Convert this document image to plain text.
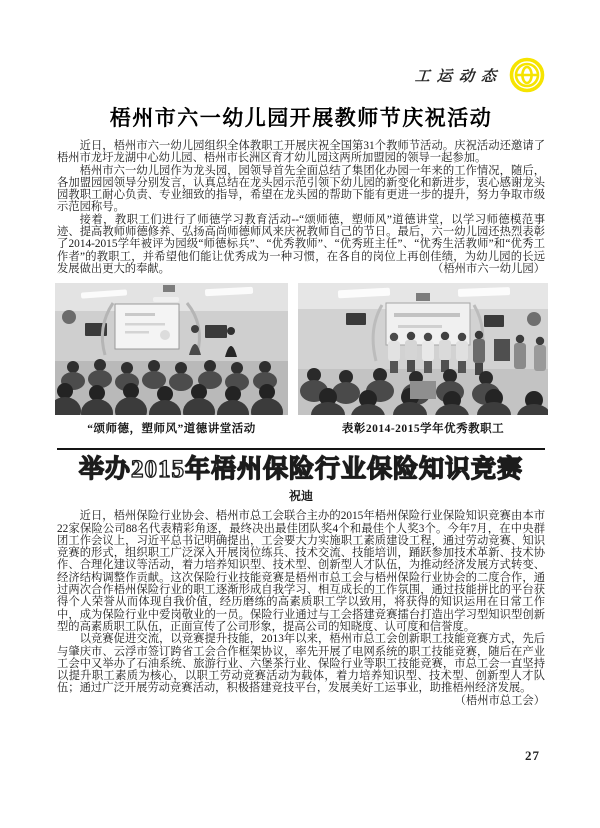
工运动态
梧州市六一幼儿园开展教师节庆祝活动

近日，梧州市六一幼儿园组织全体教职工开展庆祝全国第31个教师节活动。庆祝活动还邀请了梧州市龙圩龙湖中心幼儿园、梧州市长洲区育才幼儿园这两所加盟园的领导一起参加。

梧州市六一幼儿园作为龙头园，园领导首先全面总结了集团化办园一年来的工作情况，随后，各加盟园园领导分别发言，认真总结在龙头园示范引领下幼儿园的新变化和新进步，衷心感谢龙头园教职工耐心负责、专业细致的指导，希望在龙头园的帮助下能有更进一步的提升，努力争取市级示范园称号。

接着，教职工们进行了师德学习教育活动--“颂师德，塑师风”道德讲堂，以学习师德模范事迹、提高教师师德修养、弘扬高尚师德师风来庆祝教师自己的节日。最后，六一幼儿园还热烈表彰了2014-2015学年被评为园级“师德标兵”、“优秀教师”、“优秀班主任”、“优秀生活教师”和“优秀工作者”的教职工，并希望他们能让优秀成为一种习惯，在各自的岗位上再创佳绩，为幼儿园的长远发展做出更大的奉献。	（梧州市六一幼儿园）
“颂师德，塑师风”道德讲堂活动	表彰2014-2015学年优秀教职工
举办2015年梧州保险行业保险知识竞赛
祝迪

近日，梧州保险行业协会、梧州市总工会联合主办的2015年梧州保险行业保险知识竞赛由本市22家保险公司88名代表精彩角逐，最终决出最佳团队奖4个和最佳个人奖3个。今年7月，在中央群团工作会议上，习近平总书记明确提出，工会要大力实施职工素质建设工程，通过劳动竞赛、知识竞赛的形式，组织职工广泛深入开展岗位练兵、技术交流、技能培训，踊跃参加技术革新、技术协作、合理化建议等活动，着力培养知识型、技术型、创新型人才队伍，为推动经济发展方式转变、经济结构调整作贡献。这次保险行业技能竞赛是梧州市总工会与梧州保险行业协会的二度合作，通过两次合作梧州保险行业的职工逐渐形成自我学习、相互成长的工作氛围，通过技能拼比的平台获得个人荣誉从而体现自我价值，经历磨练的高素质职工学以致用，将获得的知识运用在日常工作中，成为保险行业中爱岗敬业的一员。保险行业通过与工会搭建竞赛擂台打造出学习型知识型创新型的高素质职工队伍，正面宣传了公司形象，提高公司的知晓度、认可度和信誉度。

以竞赛促进交流，以竞赛提升技能，2013年以来，梧州市总工会创新职工技能竞赛方式，先后与肇庆市、云浮市签订跨省工会合作框架协议，率先开展了电网系统的职工技能竞赛，随后在产业工会中又举办了石油系统、旅游行业、六堡茶行业、保险行业等职工技能竞赛，市总工会一直坚持以提升职工素质为核心，以职工劳动竞赛活动为载体，着力培养知识型、技术型、创新型人才队伍；通过广泛开展劳动竞赛活动，积极搭建竞技平台，发展美好工运事业，助推梧州经济发展。

（梧州市总工会）
27
